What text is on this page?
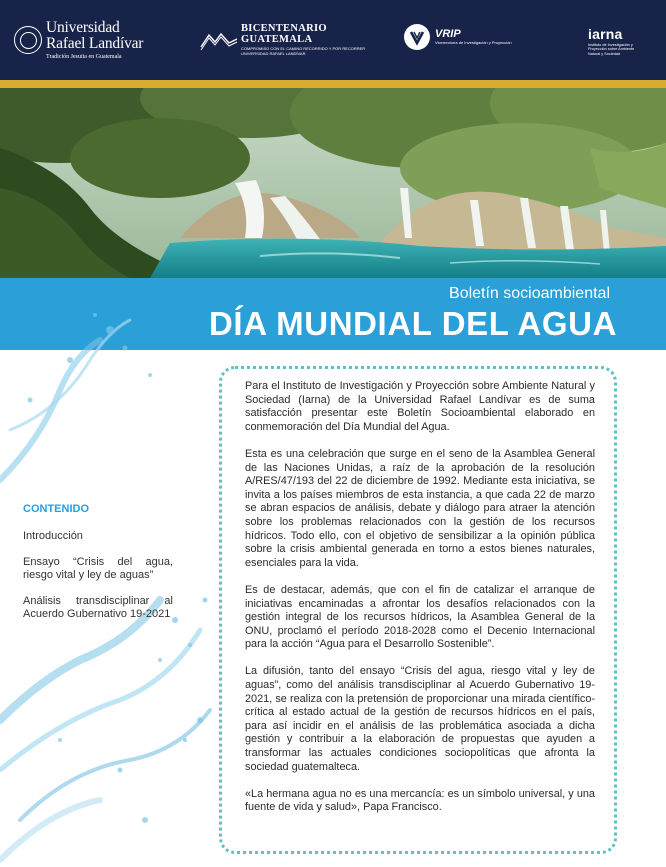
Universidad
Rafael Landívar
Tradición Jesuita en Guatemala
BICENTENARIO
GUATEMALA
COMPROMISO CON EL CAMINO RECORRIDO Y POR RECORRER
UNIVERSIDAD RAFAEL LANDÍVAR
VRIP
Vicerrectoría de Investigación y Proyección
iarna
Instituto de Investigación y Proyección sobre Ambiente Natural y Sociedad
Boletín socioambiental
DÍA MUNDIAL DEL AGUA
CONTENIDO
Introducción
Ensayo “Crisis del agua, riesgo vital y ley de aguas”
Análisis transdisciplinar al Acuerdo Gubernativo 19-2021

Para el Instituto de Investigación y Proyección sobre Ambiente Natural y Sociedad (Iarna) de la Universidad Rafael Landívar es de suma satisfacción presentar este Boletín Socioambiental elaborado en conmemoración del Día Mundial del Agua.

Esta es una celebración que surge en el seno de la Asamblea General de las Naciones Unidas, a raíz de la aprobación de la resolución A/RES/47/193 del 22 de diciembre de 1992. Mediante esta iniciativa, se invita a los países miembros de esta instancia, a que cada 22 de marzo se abran espacios de análisis, debate y diálogo para atraer la atención sobre los problemas relacionados con la gestión de los recursos hídricos. Todo ello, con el objetivo de sensibilizar a la opinión pública sobre la crisis ambiental generada en torno a estos bienes naturales, esenciales para la vida.

Es de destacar, además, que con el fin de catalizar el arranque de iniciativas encaminadas a afrontar los desafíos relacionados con la gestión integral de los recursos hídricos, la Asamblea General de la ONU, proclamó el período 2018-2028 como el Decenio Internacional para la acción “Agua para el Desarrollo Sostenible”.

La difusión, tanto del ensayo “Crisis del agua, riesgo vital y ley de aguas”, como del análisis transdisciplinar al Acuerdo Gubernativo 19-2021, se realiza con la pretensión de proporcionar una mirada científico-crítica al estado actual de la gestión de recursos hídricos en el país, para así incidir en el análisis de las problemática asociada a dicha gestión y contribuir a la elaboración de propuestas que ayuden a transformar las actuales condiciones sociopolíticas que afronta la sociedad guatemalteca.

«La hermana agua no es una mercancía: es un símbolo universal, y una fuente de vida y salud», Papa Francisco.
